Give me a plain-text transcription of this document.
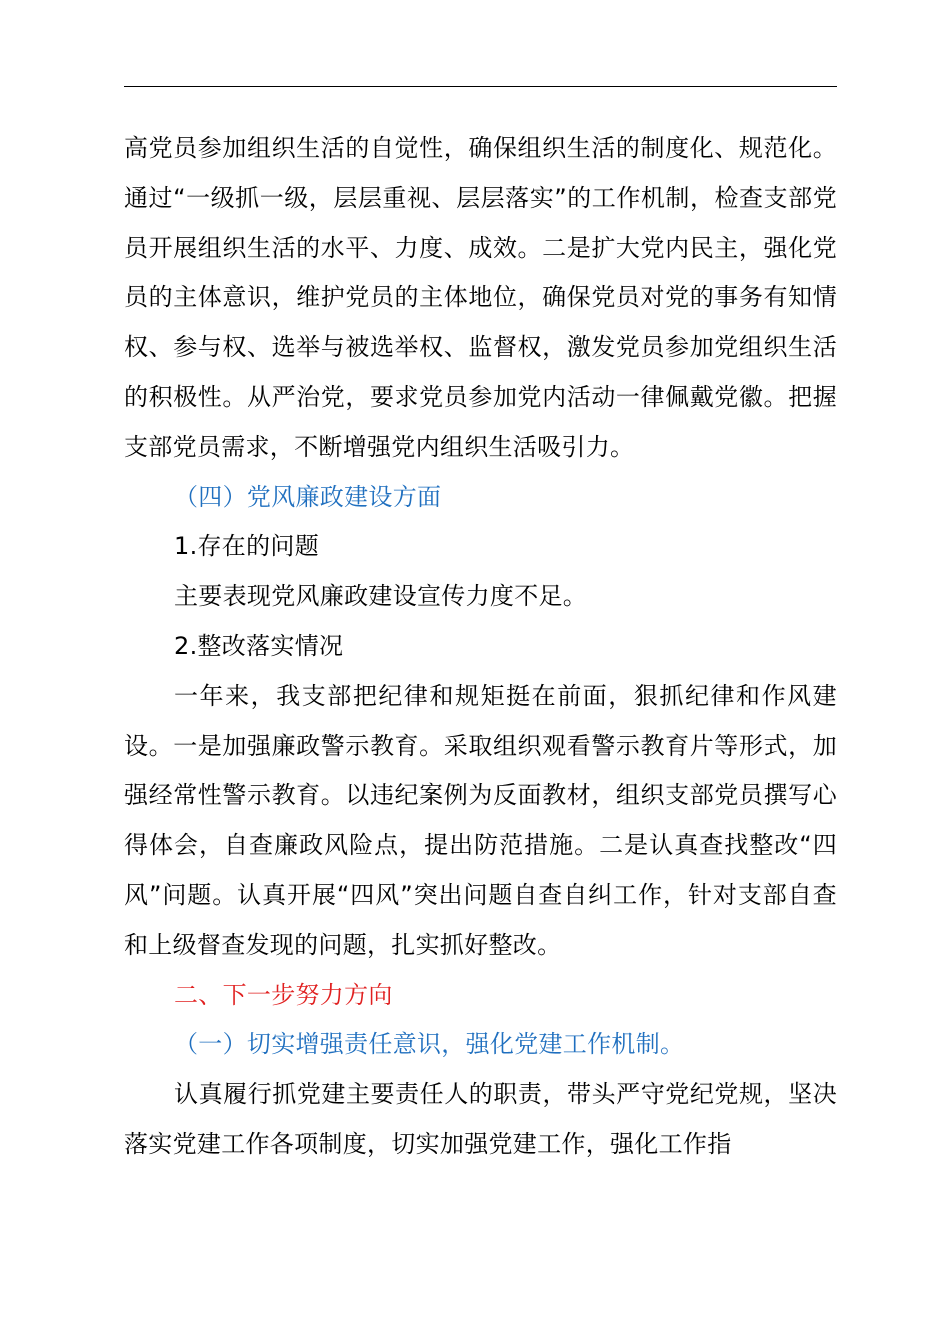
高党员参加组织生活的自觉性，确保组织生活的制度化、规范化。通过“一级抓一级，层层重视、层层落实”的工作机制，检查支部党员开展组织生活的水平、力度、成效。二是扩大党内民主，强化党员的主体意识，维护党员的主体地位，确保党员对党的事务有知情权、参与权、选举与被选举权、监督权，激发党员参加党组织生活的积极性。从严治党，要求党员参加党内活动一律佩戴党徽。把握支部党员需求，不断增强党内组织生活吸引力。

（四）党风廉政建设方面

1.存在的问题

主要表现党风廉政建设宣传力度不足。

2.整改落实情况

一年来，我支部把纪律和规矩挺在前面，狠抓纪律和作风建设。一是加强廉政警示教育。采取组织观看警示教育片等形式，加强经常性警示教育。以违纪案例为反面教材，组织支部党员撰写心得体会，自查廉政风险点，提出防范措施。二是认真查找整改“四风”问题。认真开展“四风”突出问题自查自纠工作，针对支部自查和上级督查发现的问题，扎实抓好整改。

二、下一步努力方向

（一）切实增强责任意识，强化党建工作机制。

认真履行抓党建主要责任人的职责，带头严守党纪党规，坚决落实党建工作各项制度，切实加强党建工作，强化工作指
